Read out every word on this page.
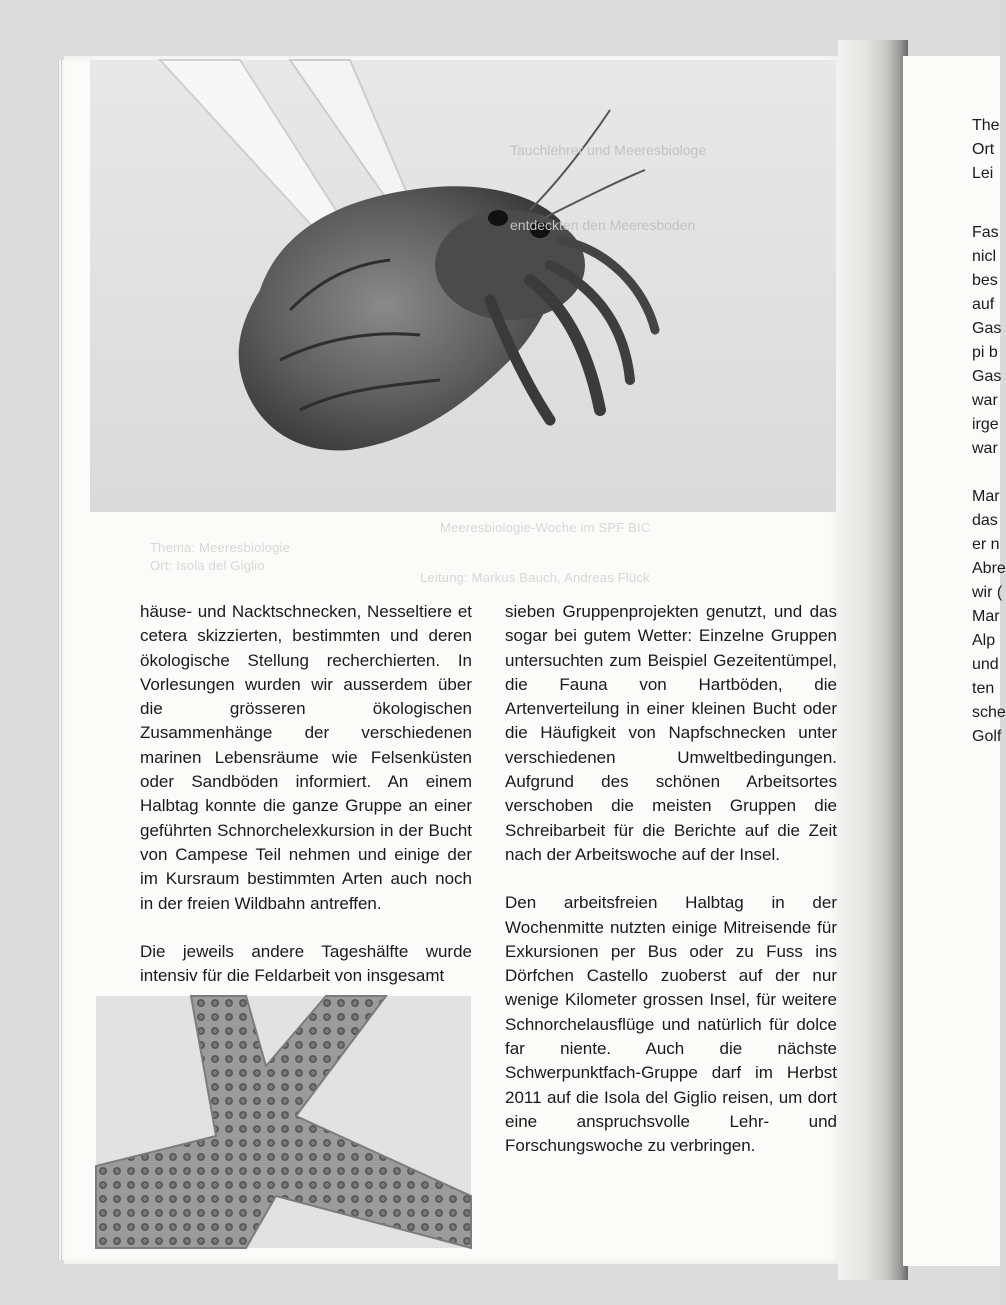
Tauchlehrer und Meeresbiologe
entdeckten den Meeresboden
Meeresbiologie-Woche im SPF BIC
Thema: Meeresbiologie
Ort: Isola del Giglio
Leitung: Markus Bauch, Andreas Flück

häuse- und Nacktschnecken, Nesseltiere et cetera skizzierten, bestimmten und deren ökologische Stellung recherchierten. In Vorlesungen wurden wir ausserdem über die grösseren ökologischen Zusammenhänge der verschiedenen marinen Lebensräume wie Felsenküsten oder Sandböden informiert. An einem Halbtag konnte die ganze Gruppe an einer geführten Schnorchelexkursion in der Bucht von Campese Teil nehmen und einige der im Kursraum bestimmten Arten auch noch in der freien Wildbahn antreffen.

Die jeweils andere Tageshälfte wurde intensiv für die Feldarbeit von insgesamt

sieben Gruppenprojekten genutzt, und das sogar bei gutem Wetter: Einzelne Gruppen untersuchten zum Beispiel Gezeitentümpel, die Fauna von Hartböden, die Artenverteilung in einer kleinen Bucht oder die Häufigkeit von Napfschnecken unter verschiedenen Umweltbedingungen. Aufgrund des schönen Arbeitsortes verschoben die meisten Gruppen die Schreibarbeit für die Berichte auf die Zeit nach der Arbeitswoche auf der Insel.

Den arbeitsfreien Halbtag in der Wochenmitte nutzten einige Mitreisende für Exkursionen per Bus oder zu Fuss ins Dörfchen Castello zuoberst auf der nur wenige Kilometer grossen Insel, für weitere Schnorchelausflüge und natürlich für dolce far niente. Auch die nächste Schwerpunktfach-Gruppe darf im Herbst 2011 auf die Isola del Giglio reisen, um dort eine anspruchsvolle Lehr- und Forschungswoche zu verbringen.

The
Ort
Lei
Fas
nicl
bes
auf
Gas
pi b
Gas
war
irge
war
Mar
das
er n
Abre
wir (
Mar
Alp
und
ten
sche
Golf
